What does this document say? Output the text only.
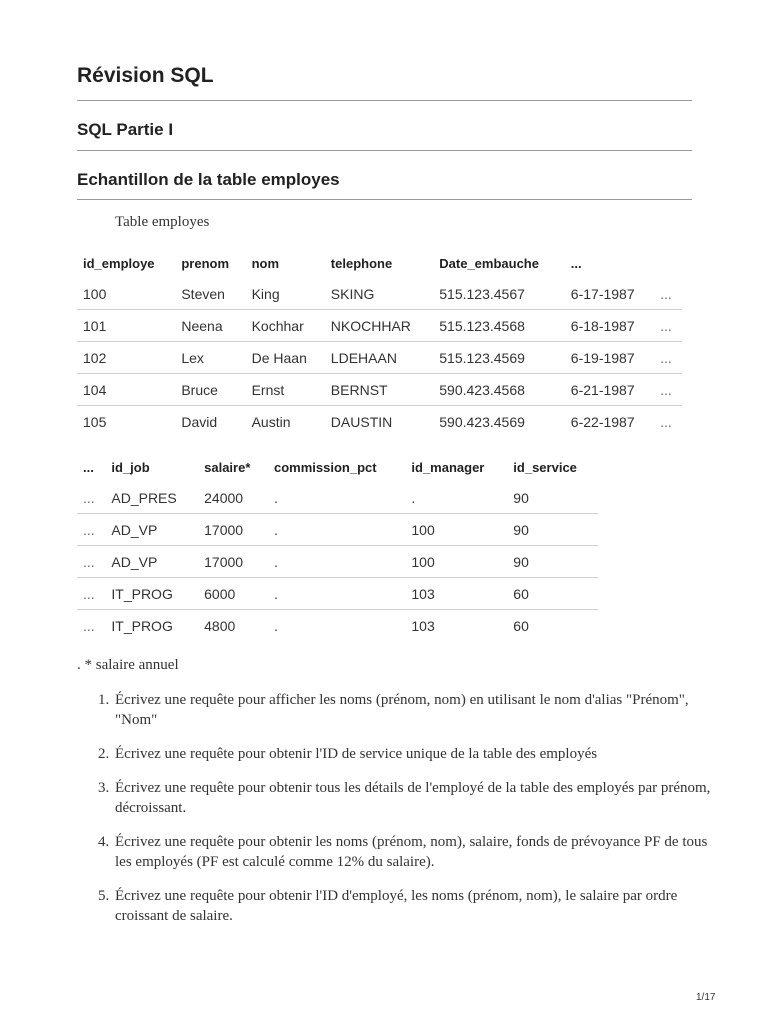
Révision SQL
SQL Partie I
Echantillon de la table employes
Table employes
id_employe	prenom	nom	telephone	Date_embauche	...	
100	Steven	King	SKING	515.123.4567	6-17-1987	...
101	Neena	Kochhar	NKOCHHAR	515.123.4568	6-18-1987	...
102	Lex	De Haan	LDEHAAN	515.123.4569	6-19-1987	...
104	Bruce	Ernst	BERNST	590.423.4568	6-21-1987	...
105	David	Austin	DAUSTIN	590.423.4569	6-22-1987	...
...	id_job	salaire*	commission_pct	id_manager	id_service
...	AD_PRES	24000	.	.	90
...	AD_VP	17000	.	100	90
...	AD_VP	17000	.	100	90
...	IT_PROG	6000	.	103	60
...	IT_PROG	4800	.	103	60
. * salaire annuel
1. Écrivez une requête pour afficher les noms (prénom, nom) en utilisant le nom d'alias "Prénom", "Nom"
2. Écrivez une requête pour obtenir l'ID de service unique de la table des employés
3. Écrivez une requête pour obtenir tous les détails de l'employé de la table des employés par prénom, décroissant.
4. Écrivez une requête pour obtenir les noms (prénom, nom), salaire, fonds de prévoyance PF de tous les employés (PF est calculé comme 12% du salaire).
5. Écrivez une requête pour obtenir l'ID d'employé, les noms (prénom, nom), le salaire par ordre croissant de salaire.
1/17
